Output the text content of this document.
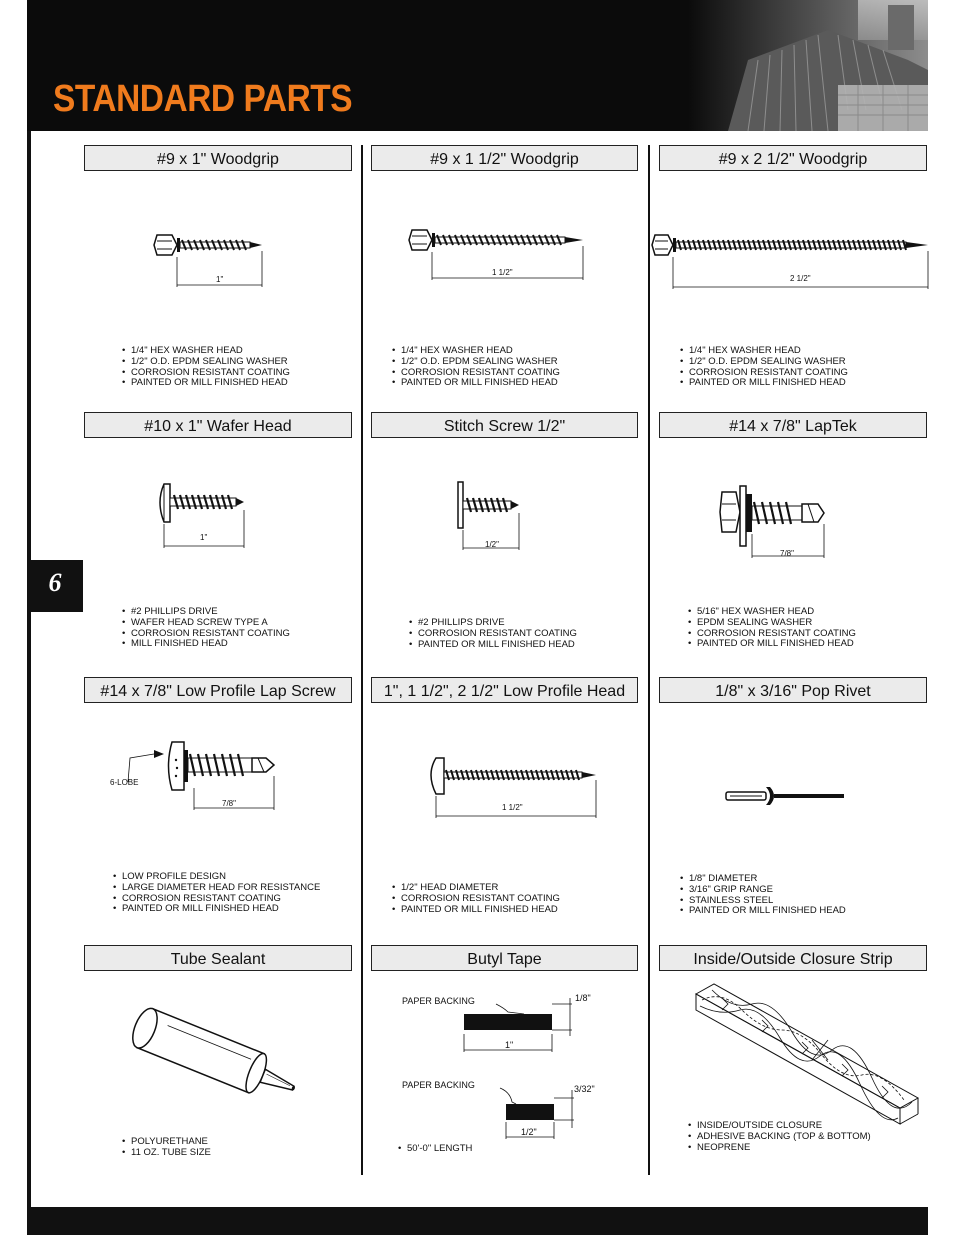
STANDARD PARTS
6
#9 x 1" Woodgrip	#9 x 1 1/2" Woodgrip	#9 x 2 1/2" Woodgrip
1"
1 1/2"
2 1/2"
• 1/4" HEX WASHER HEAD
• 1/2" O.D. EPDM SEALING WASHER
• CORROSION RESISTANT COATING
• PAINTED OR MILL FINISHED HEAD
• 1/4" HEX WASHER HEAD
• 1/2" O.D. EPDM SEALING WASHER
• CORROSION RESISTANT COATING
• PAINTED OR MILL FINISHED HEAD
• 1/4" HEX WASHER HEAD
• 1/2" O.D. EPDM SEALING WASHER
• CORROSION RESISTANT COATING
• PAINTED OR MILL FINISHED HEAD
#10 x 1" Wafer Head	Stitch Screw 1/2"	#14 x 7/8" LapTek
1"
1/2"
7/8"
• #2 PHILLIPS DRIVE
• WAFER HEAD SCREW TYPE A
• CORROSION RESISTANT COATING
• MILL FINISHED HEAD
• #2 PHILLIPS DRIVE
• CORROSION RESISTANT COATING
• PAINTED OR MILL FINISHED HEAD
• 5/16" HEX WASHER HEAD
• EPDM SEALING WASHER
• CORROSION RESISTANT COATING
• PAINTED OR MILL FINISHED HEAD
#14 x 7/8" Low Profile Lap Screw	1", 1 1/2", 2 1/2" Low Profile Head	1/8" x 3/16" Pop Rivet
6-LOBE
7/8"	1 1/2"
• LOW PROFILE DESIGN
• LARGE DIAMETER HEAD FOR RESISTANCE
• CORROSION RESISTANT COATING
• PAINTED OR MILL FINISHED HEAD
• 1/2" HEAD DIAMETER
• CORROSION RESISTANT COATING
• PAINTED OR MILL FINISHED HEAD
• 1/8" DIAMETER
• 3/16" GRIP RANGE
• STAINLESS STEEL
• PAINTED OR MILL FINISHED HEAD
Tube Sealant	Butyl Tape	Inside/Outside Closure Strip
• POLYURETHANE
• 11 OZ. TUBE SIZE
PAPER BACKING	1/8"
1"
PAPER BACKING	3/32"
1/2"
• 50'-0" LENGTH
• INSIDE/OUTSIDE CLOSURE
• ADHESIVE BACKING (TOP & BOTTOM)
• NEOPRENE
